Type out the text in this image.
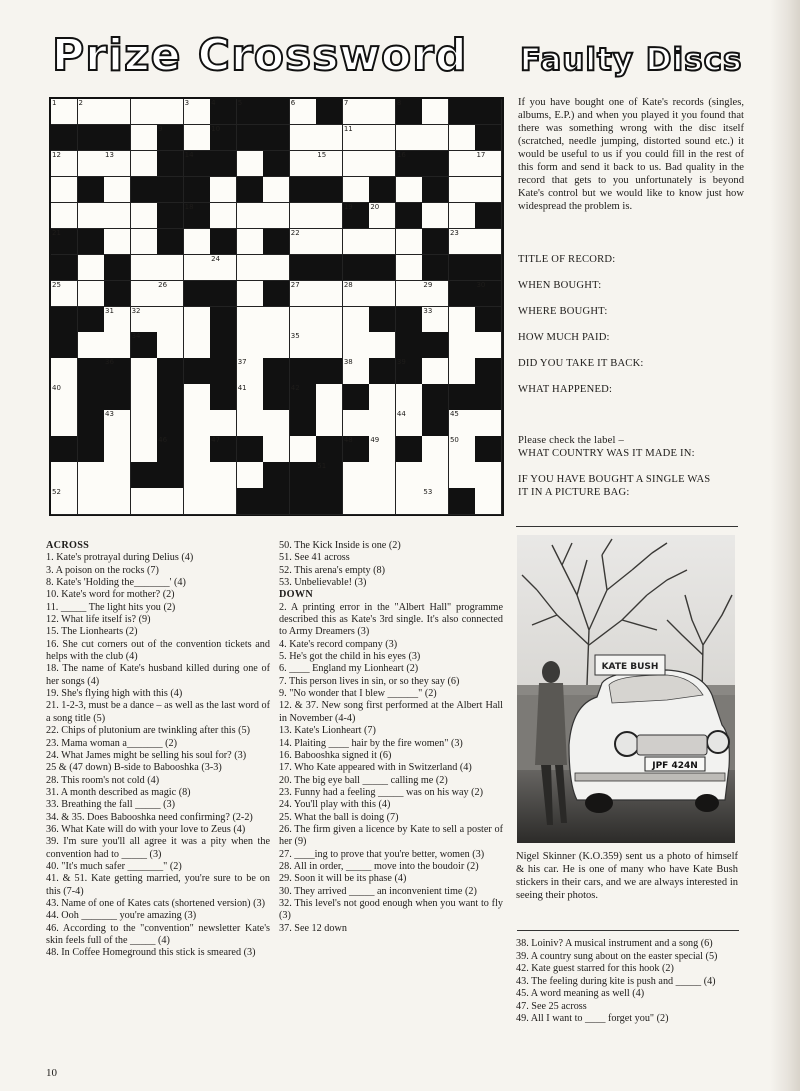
Prize Crossword Faulty Discs
1	2	3	4	5	6	7	8
9	10	11
12	13	14	15	16	17
18	19	20
21	22	23
24
25	26	27	28	29	30
31	32	33
34	35
36	37	38	39
40	41	42
43	44	45
46	47	48	49	50
51
52	53
If you have bought one of Kate's records (singles, albums, E.P.) and when you played it you found that there was something wrong with the disc itself (scratched, needle jumping, distorted sound etc.) it would be useful to us if you could fill in the rest of this form and send it back to us. Bad quality in the record that gets to you unfortunately is beyond Kate's control but we would like to know just how widespread the problem is.
TITLE OF RECORD:
WHEN BOUGHT:
WHERE BOUGHT:
HOW MUCH PAID:
DID YOU TAKE IT BACK:
WHAT HAPPENED:
Please check the label –
WHAT COUNTRY WAS IT MADE IN:
IF YOU HAVE BOUGHT A SINGLE WAS
IT IN A PICTURE BAG:
KATE BUSH
JPF 424N
Nigel Skinner (K.O.359) sent us a photo of himself & his car. He is one of many who have Kate Bush stickers in their cars, and we are always interested in seeing their photos.

ACROSS

1. Kate's protrayal during Delius (4)

3. A poison on the rocks (7)

8. Kate's 'Holding the_______' (4)

10. Kate's word for mother? (2)

11. _____ The light hits you (2)

12. What life itself is? (9)

15. The Lionhearts (2)

16. She cut corners out of the convention tickets and helps with the club (4)

18. The name of Kate's husband killed during one of her songs (4)

19. She's flying high with this (4)

21. 1-2-3, must be a dance – as well as the last word of a song title (5)

22. Chips of plutonium are twinkling after this (5)

23. Mama woman a_______ (2)

24. What James might be selling his soul for? (3)

25 & (47 down) B-side to Babooshka (3-3)

28. This room's not cold (4)

31. A month described as magic (8)

33. Breathing the fall _____ (3)

34. & 35. Does Babooshka need confirming? (2-2)

36. What Kate will do with your love to Zeus (4)

39. I'm sure you'll all agree it was a pity when the convention had to _____ (3)

40. "It's much safer _______" (2)

41. & 51. Kate getting married, you're sure to be on this (7-4)

43. Name of one of Kates cats (shortened version) (3)

44. Ooh _______ you're amazing (3)

46. According to the "convention" newsletter Kate's skin feels full of the _____ (4)

48. In Coffee Homeground this stick is smeared (3)

50. The Kick Inside is one (2)

51. See 41 across

52. This arena's empty (8)

53. Unbelievable! (3)

DOWN

2. A printing error in the "Albert Hall" programme described this as Kate's 3rd single. It's also connected to Army Dreamers (3)

4. Kate's record company (3)

5. He's got the child in his eyes (3)

6. ____ England my Lionheart (2)

7. This person lives in sin, or so they say (6)

9. "No wonder that I blew ______" (2)

12. & 37. New song first performed at the Albert Hall in November (4-4)

13. Kate's Lionheart (7)

14. Plaiting ____ hair by the fire women" (3)

16. Babooshka signed it (6)

17. Who Kate appeared with in Switzerland (4)

20. The big eye ball _____ calling me (2)

23. Funny had a feeling _____ was on his way (2)

24. You'll play with this (4)

25. What the ball is doing (7)

26. The firm given a licence by Kate to sell a poster of her (9)

27. ____ing to prove that you're better, women (3)

28. All in order, _____ move into the boudoir (2)

29. Soon it will be its phase (4)

30. They arrived _____ an inconvenient time (2)

32. This level's not good enough when you want to fly (3)

37. See 12 down

38. Loiniv? A musical instrument and a song (6)

39. A country sung about on the easter special (5)

42. Kate guest starred for this hook (2)

43. The feeling during kite is push and _____ (4)

45. A word meaning as well (4)

47. See 25 across

49. All I want to ____ forget you" (2)

10
